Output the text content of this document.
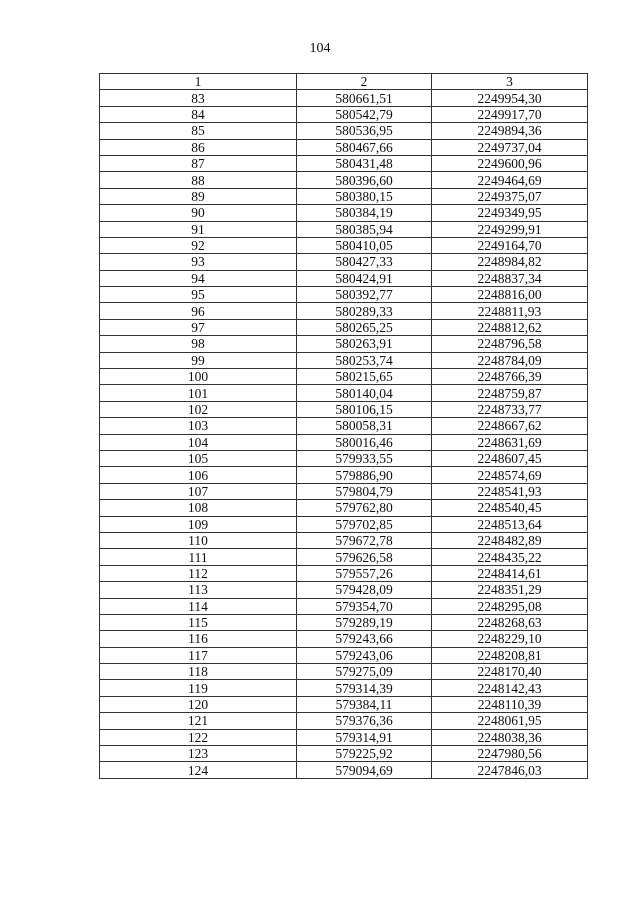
104
1	2	3
83	580661,51	2249954,30
84	580542,79	2249917,70
85	580536,95	2249894,36
86	580467,66	2249737,04
87	580431,48	2249600,96
88	580396,60	2249464,69
89	580380,15	2249375,07
90	580384,19	2249349,95
91	580385,94	2249299,91
92	580410,05	2249164,70
93	580427,33	2248984,82
94	580424,91	2248837,34
95	580392,77	2248816,00
96	580289,33	2248811,93
97	580265,25	2248812,62
98	580263,91	2248796,58
99	580253,74	2248784,09
100	580215,65	2248766,39
101	580140,04	2248759,87
102	580106,15	2248733,77
103	580058,31	2248667,62
104	580016,46	2248631,69
105	579933,55	2248607,45
106	579886,90	2248574,69
107	579804,79	2248541,93
108	579762,80	2248540,45
109	579702,85	2248513,64
110	579672,78	2248482,89
111	579626,58	2248435,22
112	579557,26	2248414,61
113	579428,09	2248351,29
114	579354,70	2248295,08
115	579289,19	2248268,63
116	579243,66	2248229,10
117	579243,06	2248208,81
118	579275,09	2248170,40
119	579314,39	2248142,43
120	579384,11	2248110,39
121	579376,36	2248061,95
122	579314,91	2248038,36
123	579225,92	2247980,56
124	579094,69	2247846,03
